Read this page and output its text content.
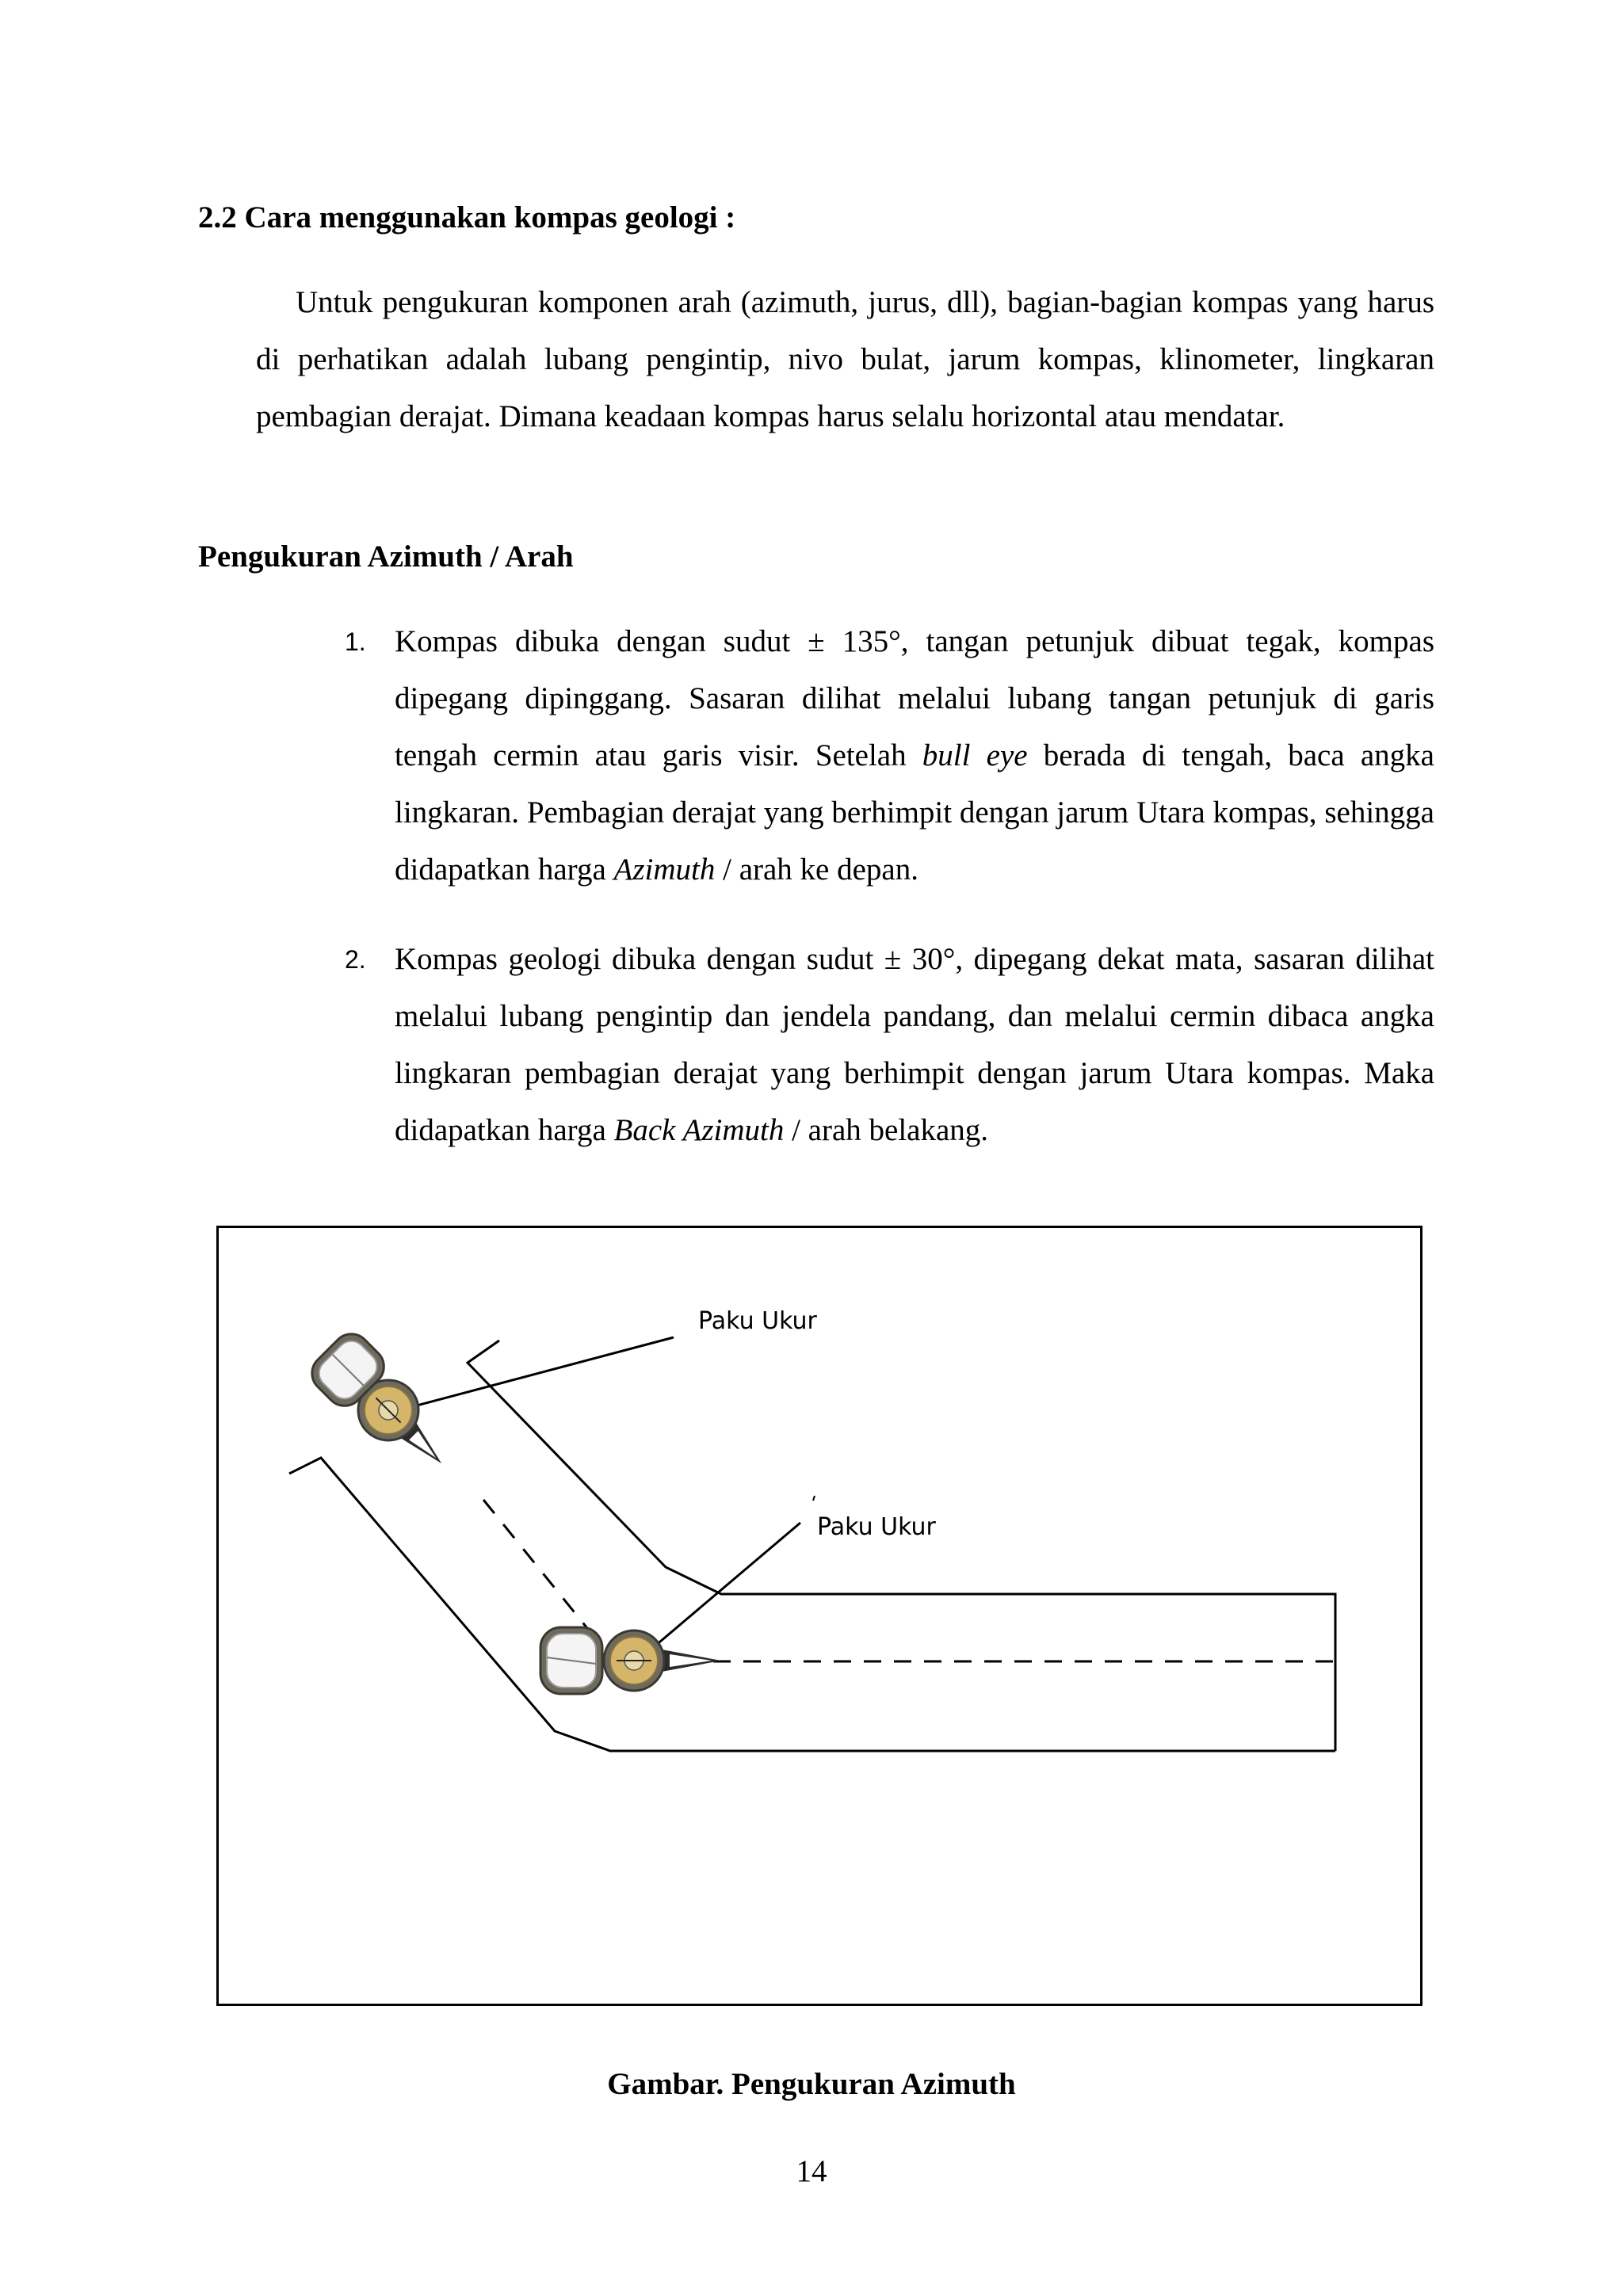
2.2 Cara menggunakan kompas geologi :
Untuk pengukuran komponen arah (azimuth, jurus, dll), bagian-bagian kompas yang harus di perhatikan adalah lubang pengintip, nivo bulat, jarum kompas, klinometer, lingkaran pembagian derajat. Dimana keadaan kompas harus selalu horizontal atau mendatar.
Pengukuran Azimuth / Arah
1. Kompas dibuka dengan sudut ± 135°, tangan petunjuk dibuat tegak, kompas dipegang dipinggang. Sasaran dilihat melalui lubang tangan petunjuk di garis tengah cermin atau garis visir. Setelah bull eye berada di tengah, baca angka lingkaran. Pembagian derajat yang berhimpit dengan jarum Utara kompas, sehingga didapatkan harga Azimuth / arah ke depan.
2. Kompas geologi dibuka dengan sudut ± 30°, dipegang dekat mata, sasaran dilihat melalui lubang pengintip dan jendela pandang, dan melalui cermin dibaca angka lingkaran pembagian derajat yang berhimpit dengan jarum Utara kompas. Maka didapatkan harga Back Azimuth / arah belakang.
Paku Ukur
Paku Ukur
Gambar. Pengukuran Azimuth
14
